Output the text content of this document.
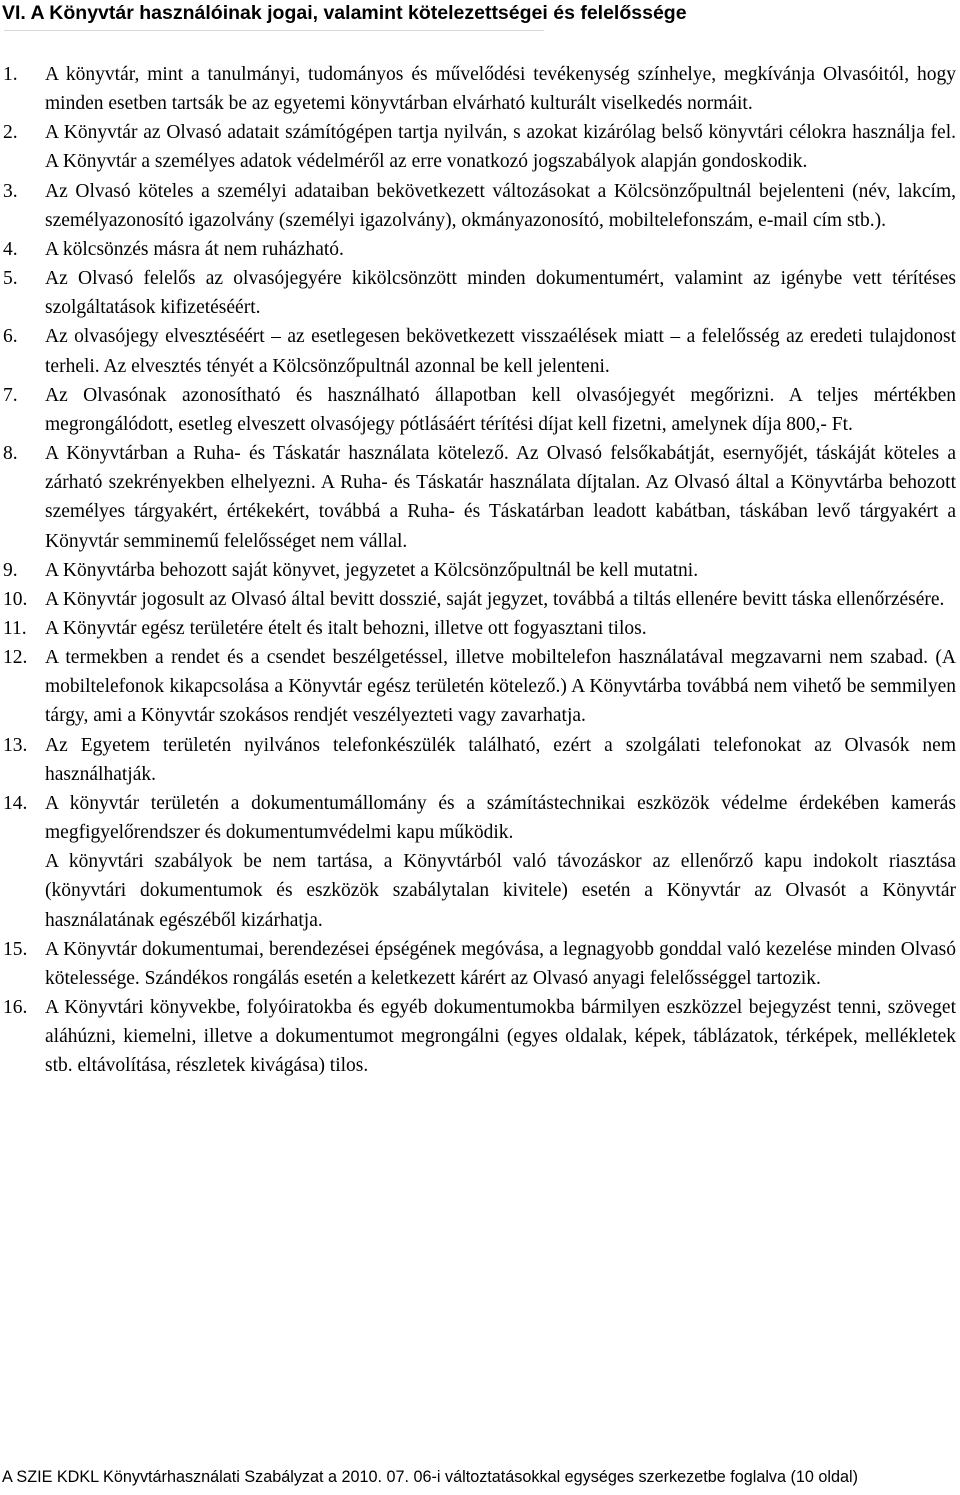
VI. A Könyvtár használóinak jogai, valamint kötelezettségei és felelőssége
1. A könyvtár, mint a tanulmányi, tudományos és művelődési tevékenység színhelye, megkívánja Olvasóitól, hogy minden esetben tartsák be az egyetemi könyvtárban elvárható kulturált viselkedés normáit.

2. A Könyvtár az Olvasó adatait számítógépen tartja nyilván, s azokat kizárólag belső könyvtári célokra használja fel. A Könyvtár a személyes adatok védelméről az erre vonatkozó jogszabályok alapján gondoskodik.

3. Az Olvasó köteles a személyi adataiban bekövetkezett változásokat a Kölcsönzőpultnál bejelenteni (név, lakcím, személyazonosító igazolvány (személyi igazolvány), okmányazonosító, mobiltelefonszám, e-mail cím stb.).

4. A kölcsönzés másra át nem ruházható.

5. Az Olvasó felelős az olvasójegyére kikölcsönzött minden dokumentumért, valamint az igénybe vett térítéses szolgáltatások kifizetéséért.

6. Az olvasójegy elvesztéséért – az esetlegesen bekövetkezett visszaélések miatt – a felelősség az eredeti tulajdonost terheli. Az elvesztés tényét a Kölcsönzőpultnál azonnal be kell jelenteni.

7. Az Olvasónak azonosítható és használható állapotban kell olvasójegyét megőrizni. A teljes mértékben megrongálódott, esetleg elveszett olvasójegy pótlásáért térítési díjat kell fizetni, amelynek díja 800,- Ft.

8. A Könyvtárban a Ruha- és Táskatár használata kötelező. Az Olvasó felsőkabátját, esernyőjét, táskáját köteles a zárható szekrényekben elhelyezni. A Ruha- és Táskatár használata díjtalan. Az Olvasó által a Könyvtárba behozott személyes tárgyakért, értékekért, továbbá a Ruha- és Táskatárban leadott kabátban, táskában levő tárgyakért a Könyvtár semminemű felelősséget nem vállal.

9. A Könyvtárba behozott saját könyvet, jegyzetet a Kölcsönzőpultnál be kell mutatni.

10. A Könyvtár jogosult az Olvasó által bevitt dosszié, saját jegyzet, továbbá a tiltás ellenére bevitt táska ellenőrzésére.

11. A Könyvtár egész területére ételt és italt behozni, illetve ott fogyasztani tilos.

12. A termekben a rendet és a csendet beszélgetéssel, illetve mobiltelefon használatával megzavarni nem szabad. (A mobiltelefonok kikapcsolása a Könyvtár egész területén kötelező.) A Könyvtárba továbbá nem vihető be semmilyen tárgy, ami a Könyvtár szokásos rendjét veszélyezteti vagy zavarhatja.

13. Az Egyetem területén nyilvános telefonkészülék található, ezért a szolgálati telefonokat az Olvasók nem használhatják.

14. A könyvtár területén a dokumentumállomány és a számítástechnikai eszközök védelme érdekében kamerás megfigyelőrendszer és dokumentumvédelmi kapu működik.

A könyvtári szabályok be nem tartása, a Könyvtárból való távozáskor az ellenőrző kapu indokolt riasztása (könyvtári dokumentumok és eszközök szabálytalan kivitele) esetén a Könyvtár az Olvasót a Könyvtár használatának egészéből kizárhatja.

15. A Könyvtár dokumentumai, berendezései épségének megóvása, a legnagyobb gonddal való kezelése minden Olvasó kötelessége. Szándékos rongálás esetén a keletkezett kárért az Olvasó anyagi felelősséggel tartozik.

16. A Könyvtári könyvekbe, folyóiratokba és egyéb dokumentumokba bármilyen eszközzel bejegyzést tenni, szöveget aláhúzni, kiemelni, illetve a dokumentumot megrongálni (egyes oldalak, képek, táblázatok, térképek, mellékletek stb. eltávolítása, részletek kivágása) tilos.

A SZIE KDKL Könyvtárhasználati Szabályzat a 2010. 07. 06-i változtatásokkal egységes szerkezetbe foglalva (10 oldal)
